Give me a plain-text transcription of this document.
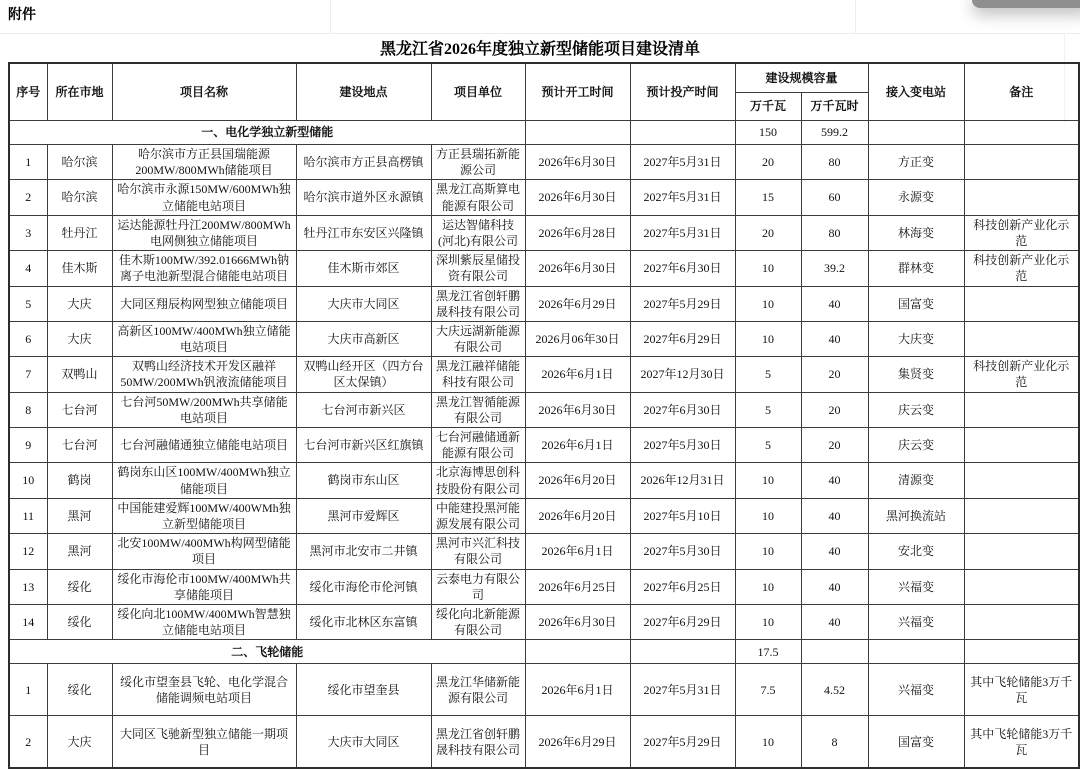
附件
黑龙江省2026年度独立新型储能项目建设清单
序号	所在市地	项目名称	建设地点	项目单位	预计开工时间	预计投产时间	建设规模容量		接入变电站	备注
							万千瓦	万千瓦时		
一、电化学独立新型储能							150	599.2		
1	哈尔滨	哈尔滨市方正县国瑞能源200MW/800MWh储能项目	哈尔滨市方正县高楞镇	方正县瑞拓新能源公司	2026年6月30日	2027年5月31日	20	80	方正变	
2	哈尔滨	哈尔滨市永源150MW/600MWh独立储能电站项目	哈尔滨市道外区永源镇	黑龙江高斯算电能源有限公司	2026年6月30日	2027年5月31日	15	60	永源变	
3	牡丹江	运达能源牡丹江200MW/800MWh电网侧独立储能项目	牡丹江市东安区兴隆镇	运达智储科技(河北)有限公司	2026年6月28日	2027年5月31日	20	80	林海变	科技创新产业化示范
4	佳木斯	佳木斯100MW/392.01666MWh钠离子电池新型混合储能电站项目	佳木斯市郊区	深圳紫辰星储投资有限公司	2026年6月30日	2027年6月30日	10	39.2	群林变	科技创新产业化示范
5	大庆	大同区翔辰构网型独立储能项目	大庆市大同区	黑龙江省创轩鹏晟科技有限公司	2026年6月29日	2027年5月29日	10	40	国富变	
6	大庆	高新区100MW/400MWh独立储能电站项目	大庆市高新区	大庆远湖新能源有限公司	2026月06年30日	2027年6月29日	10	40	大庆变	
7	双鸭山	双鸭山经济技术开发区融祥50MW/200MWh钒液流储能项目	双鸭山经开区（四方台区太保镇）	黑龙江融祥储能科技有限公司	2026年6月1日	2027年12月30日	5	20	集贤变	科技创新产业化示范
8	七台河	七台河50MW/200MWh共享储能电站项目	七台河市新兴区	黑龙江智循能源有限公司	2026年6月30日	2027年6月30日	5	20	庆云变	
9	七台河	七台河融储通独立储能电站项目	七台河市新兴区红旗镇	七台河融储通新能源有限公司	2026年6月1日	2027年5月30日	5	20	庆云变	
10	鹤岗	鹤岗东山区100MW/400MWh独立储能项目	鹤岗市东山区	北京海博思创科技股份有限公司	2026年6月20日	2026年12月31日	10	40	清源变	
11	黑河	中国能建爱辉100MW/400WMh独立新型储能项目	黑河市爱辉区	中能建投黑河能源发展有限公司	2026年6月20日	2027年5月10日	10	40	黑河换流站	
12	黑河	北安100MW/400MWh构网型储能项目	黑河市北安市二井镇	黑河市兴汇科技有限公司	2026年6月1日	2027年5月30日	10	40	安北变	
13	绥化	绥化市海伦市100MW/400MWh共享储能项目	绥化市海伦市伦河镇	云泰电力有限公司	2026年6月25日	2027年6月25日	10	40	兴福变	
14	绥化	绥化向北100MW/400MWh智慧独立储能电站项目	绥化市北林区东富镇	绥化向北新能源有限公司	2026年6月30日	2027年6月29日	10	40	兴福变	
二、飞轮储能							17.5			
1	绥化	绥化市望奎县飞轮、电化学混合储能调频电站项目	绥化市望奎县	黑龙江华储新能源有限公司	2026年6月1日	2027年5月31日	7.5	4.52	兴福变	其中飞轮储能3万千瓦
2	大庆	大同区飞驰新型独立储能一期项目	大庆市大同区	黑龙江省创轩鹏晟科技有限公司	2026年6月29日	2027年5月29日	10	8	国富变	其中飞轮储能3万千瓦
